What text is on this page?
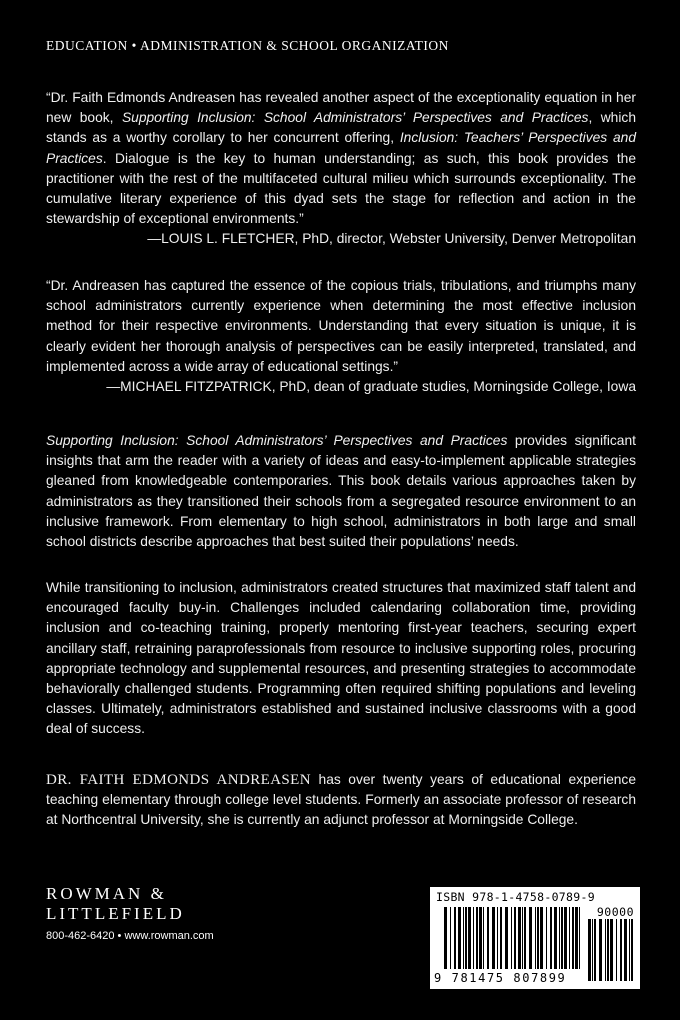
EDUCATION • ADMINISTRATION & SCHOOL ORGANIZATION

“Dr. Faith Edmonds Andreasen has revealed another aspect of the exceptionality equation in her new book, Supporting Inclusion: School Administrators’ Perspectives and Practices, which stands as a worthy corollary to her concurrent offering, Inclusion: Teachers’ Perspectives and Practices. Dialogue is the key to human understanding; as such, this book provides the practitioner with the rest of the multifaceted cultural milieu which surrounds exceptionality. The cumulative literary experience of this dyad sets the stage for reflection and action in the stewardship of exceptional environments.”

—LOUIS L. FLETCHER, PhD, director, Webster University, Denver Metropolitan

“Dr. Andreasen has captured the essence of the copious trials, tribulations, and triumphs many school administrators currently experience when determining the most effective inclusion method for their respective environments. Understanding that every situation is unique, it is clearly evident her thorough analysis of perspectives can be easily interpreted, translated, and implemented across a wide array of educational settings.”

—MICHAEL FITZPATRICK, PhD, dean of graduate studies, Morningside College, Iowa

Supporting Inclusion: School Administrators’ Perspectives and Practices provides significant insights that arm the reader with a variety of ideas and easy-to-implement applicable strategies gleaned from knowledgeable contemporaries. This book details various approaches taken by administrators as they transitioned their schools from a segregated resource environment to an inclusive framework. From elementary to high school, administrators in both large and small school districts describe approaches that best suited their populations’ needs.

While transitioning to inclusion, administrators created structures that maximized staff talent and encouraged faculty buy-in. Challenges included calendaring collaboration time, providing inclusion and co-teaching training, properly mentoring first-year teachers, securing expert ancillary staff, retraining paraprofessionals from resource to inclusive supporting roles, procuring appropriate technology and supplemental resources, and presenting strategies to accommodate behaviorally challenged students. Programming often required shifting populations and leveling classes. Ultimately, administrators established and sustained inclusive classrooms with a good deal of success.

DR. FAITH EDMONDS ANDREASEN has over twenty years of educational experience teaching elementary through college level students. Formerly an associate professor of research at Northcentral University, she is currently an adjunct professor at Morningside College.

ROWMAN &
LITTLEFIELD
800-462-6420 • www.rowman.com
ISBN 978-1-4758-0789-9
90000
9 781475 807899
